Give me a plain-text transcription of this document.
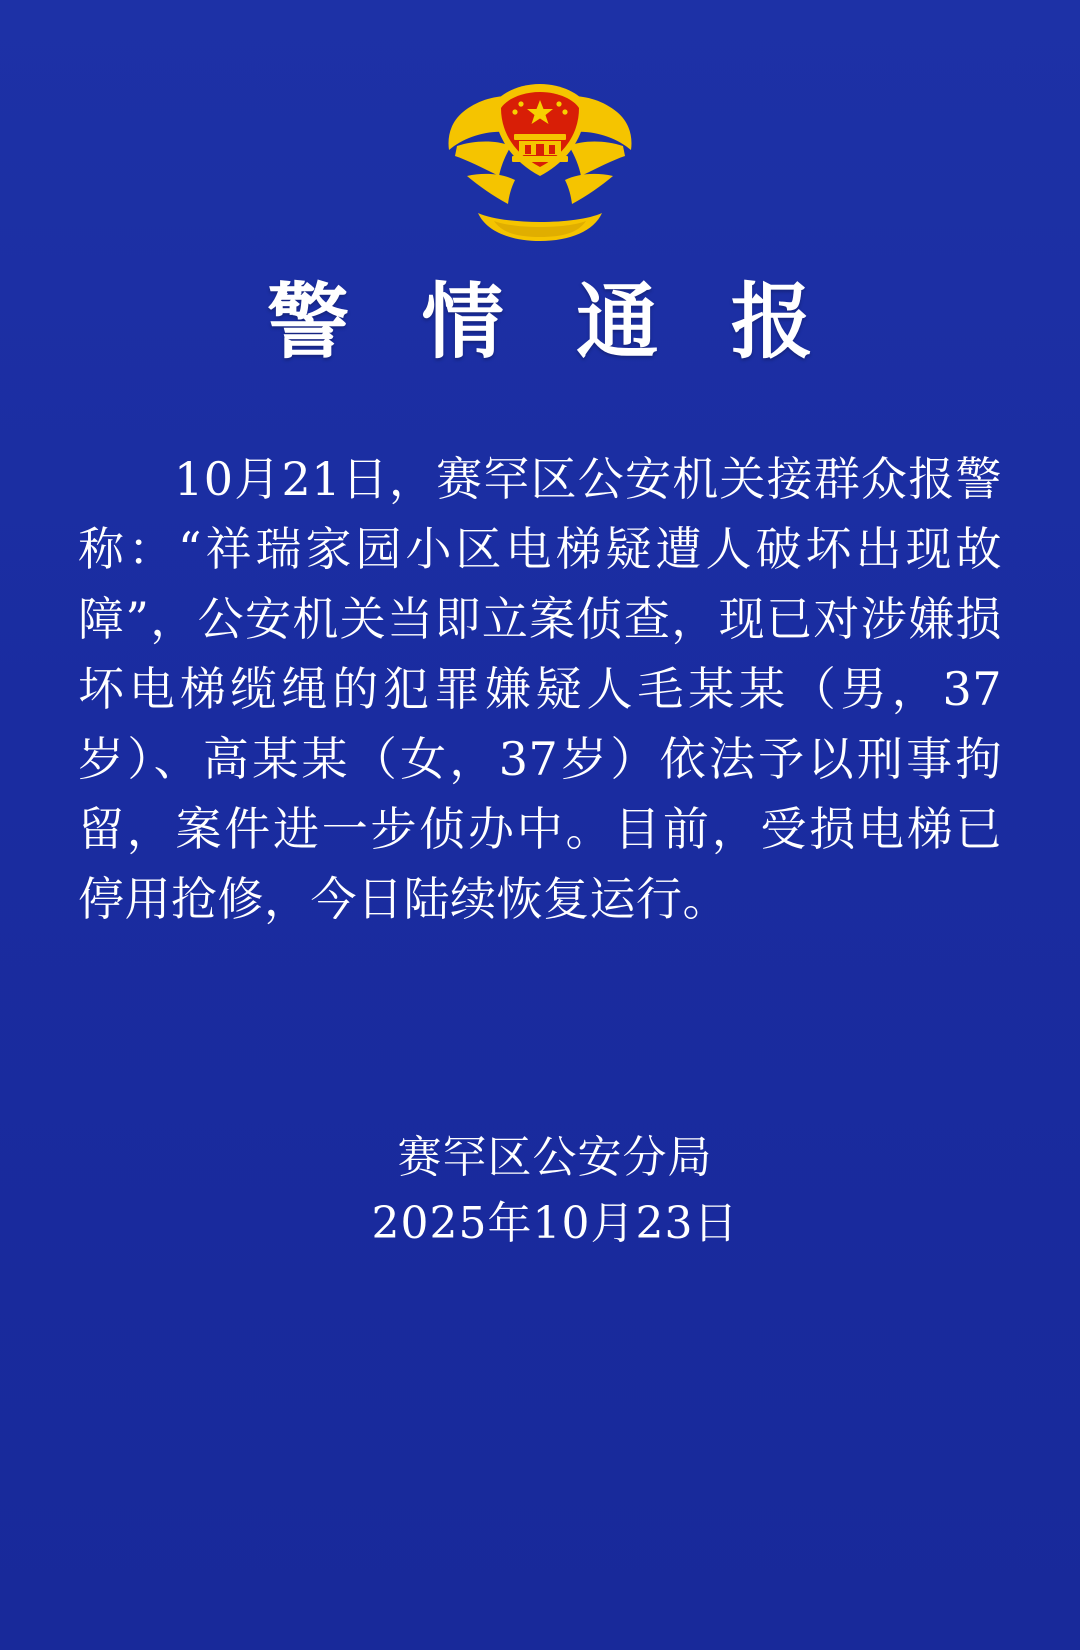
警 情 通 报
10月21日，赛罕区公安机关接群众报警称：“祥瑞家园小区电梯疑遭人破坏出现故障”，公安机关当即立案侦查，现已对涉嫌损坏电梯缆绳的犯罪嫌疑人毛某某（男，37岁）、高某某（女，37岁）依法予以刑事拘留，案件进一步侦办中。目前，受损电梯已停用抢修，今日陆续恢复运行。
赛罕区公安分局
2025年10月23日
